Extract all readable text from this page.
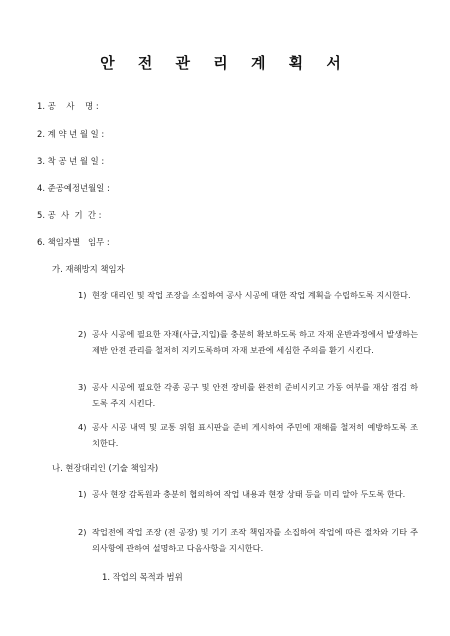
안 전 관 리 계 획 서
1. 공    사    명 :
2. 계 약 년 월 일 :
3. 착 공 년 월 일 :
4. 준공예정년월일 :
5. 공  사  기  간 :
6. 책임자별   임무 :
가. 재해방지 책임자
1) 현장 대리인 및 작업 조장을 소집하여 공사 시공에 대한 작업 계획을 수립하도록 지시한다.
2) 공사 시공에 필요한 자재(사급,지입)를 충분히 확보하도록 하고 자재 운반과정에서 발생하는 제반 안전 관리를 철저히 지키도록하며 자재 보관에 세심한 주의를 환기 시킨다.
3) 공사 시공에 필요한 각종 공구 및 안전 장비를 완전히 준비시키고 가동 여부를 재삼 점검 하도록 주지 시킨다.
4) 공사 시공 내역 및 교통 위험 표시판을 준비 게시하여 주민에 재해를 철저히 예방하도록 조치한다.
나. 현장대리인 (기술 책임자)
1) 공사 현장 감독원과 충분히 협의하여 작업 내용과 현장 상태 등을 미리 알아 두도록 한다.
2) 작업전에 작업 조장 (전 공장) 및 기기 조작 책임자를 소집하여 작업에 따른 절차와 기타 주의사항에 관하여 설명하고 다음사항을 지시한다.
1. 작업의 목적과 범위
